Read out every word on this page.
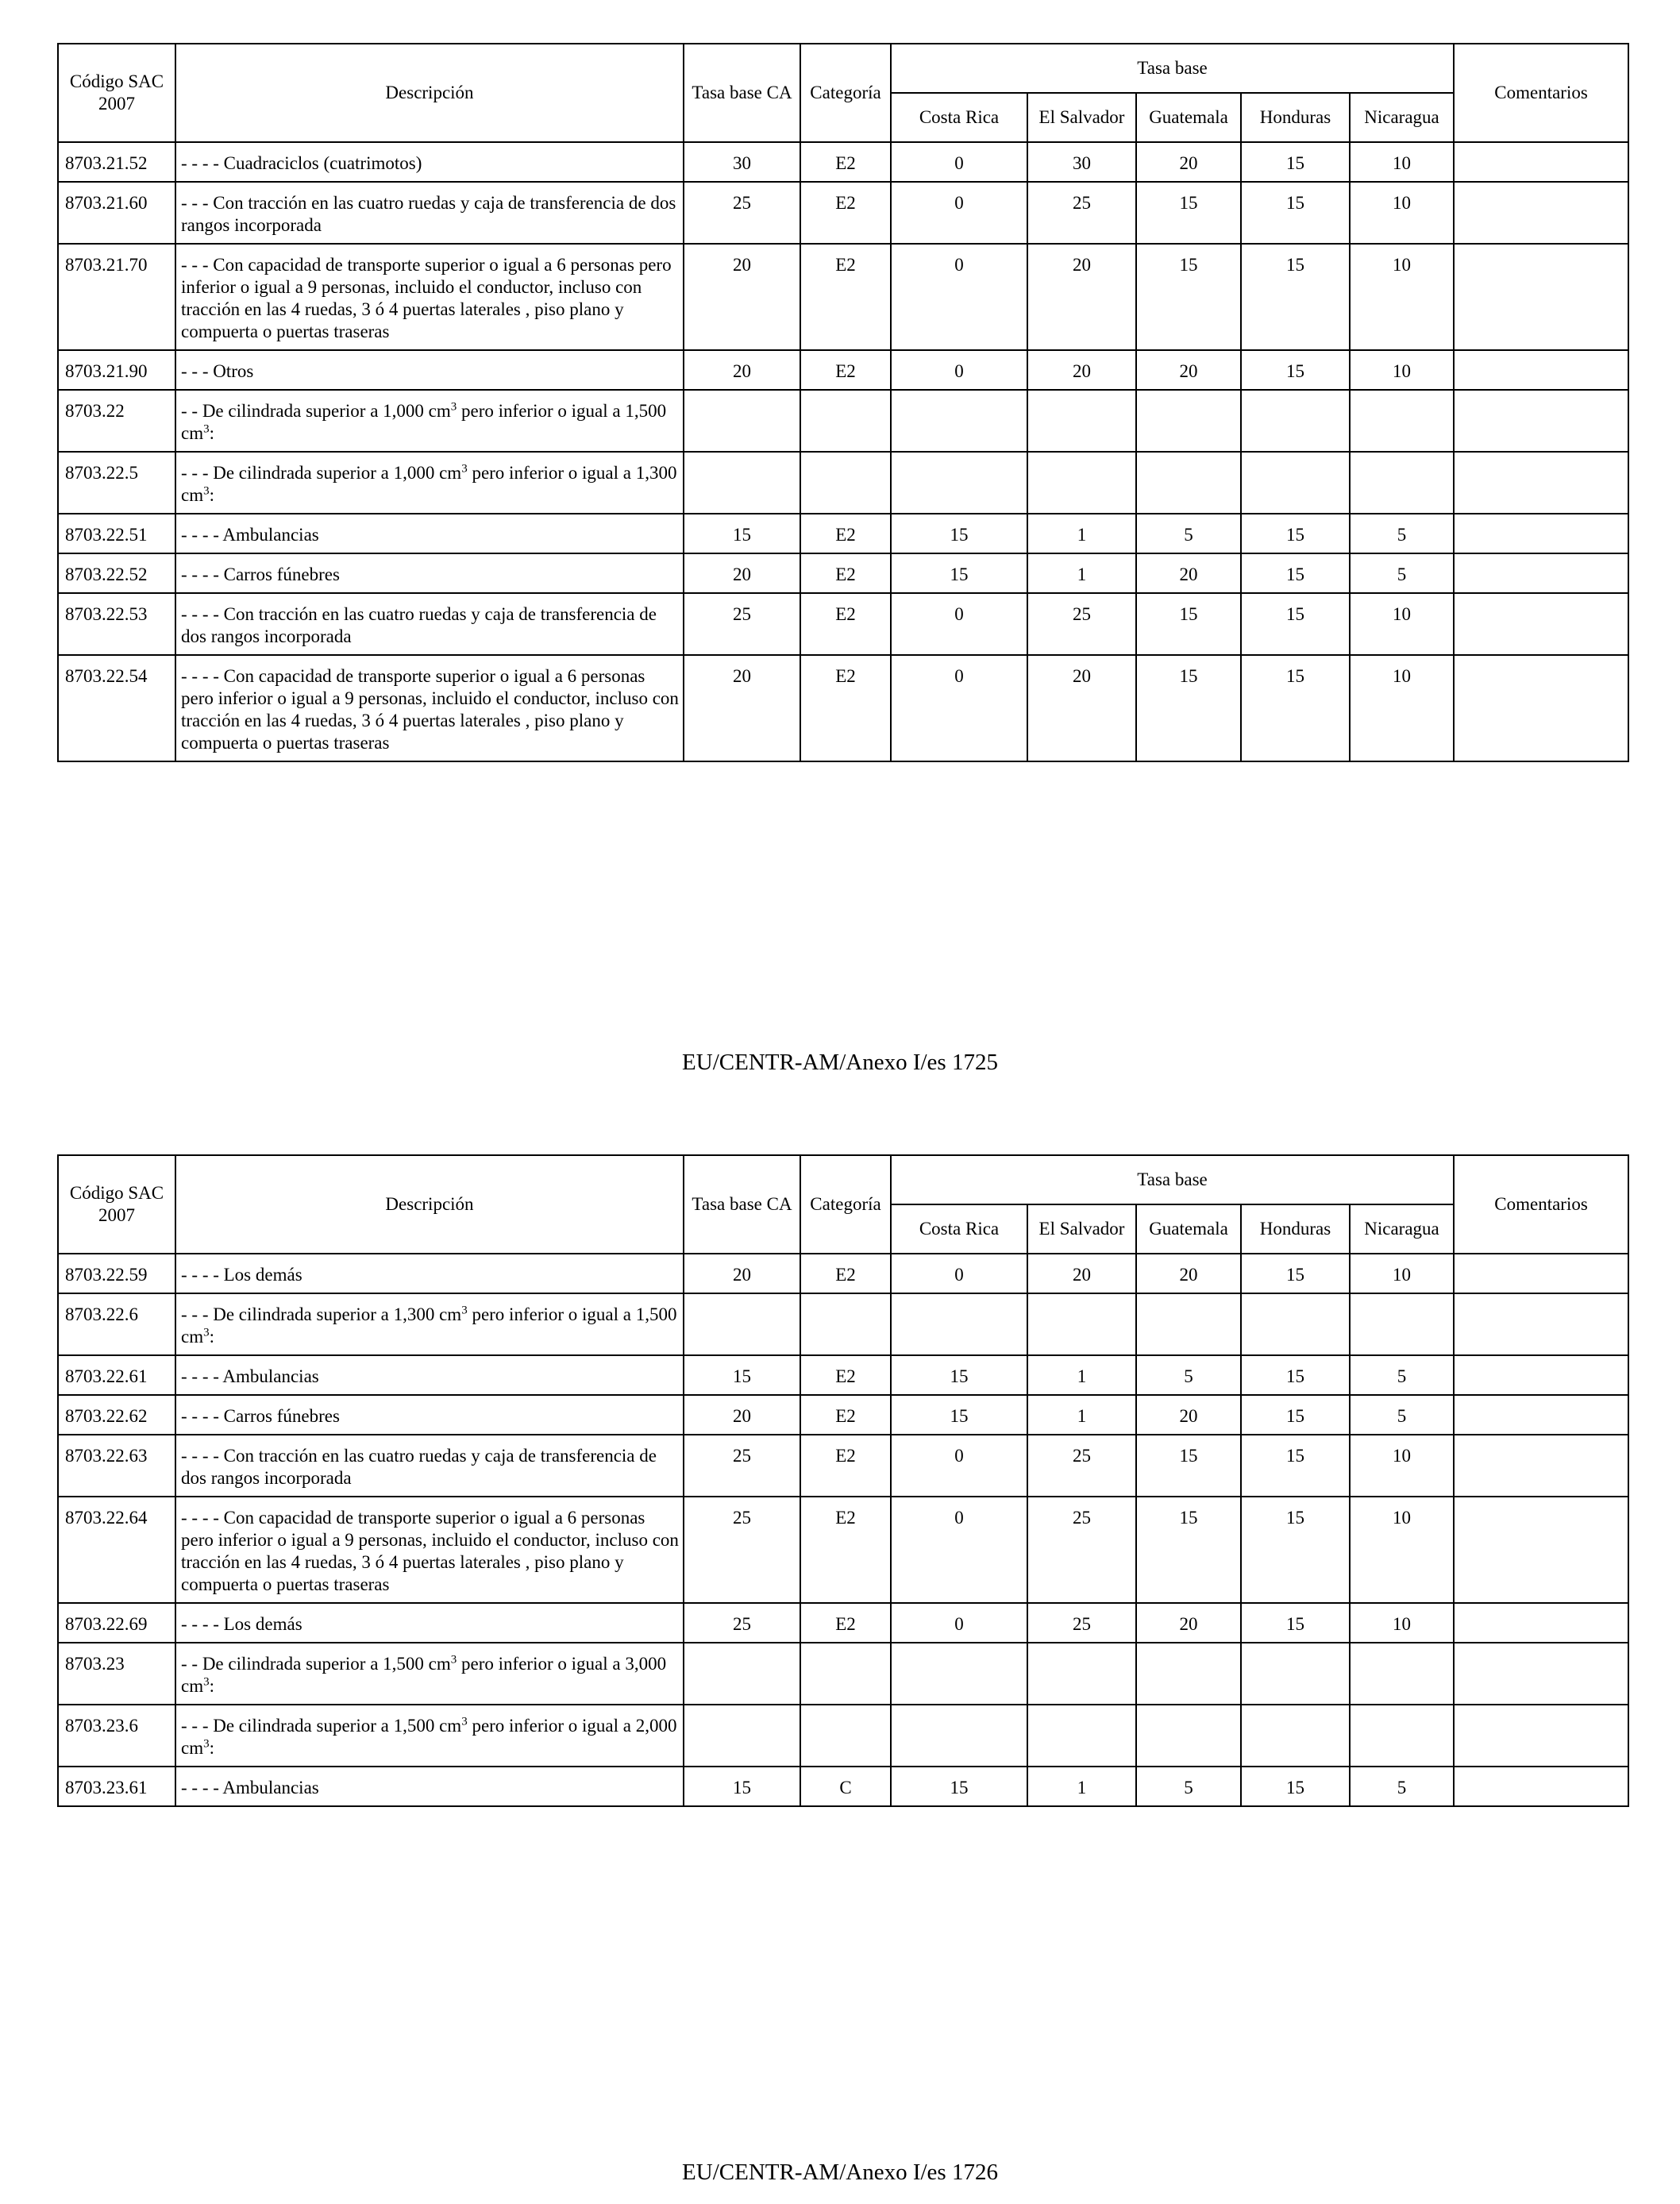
Código SAC 2007	Descripción	Tasa base CA	Categoría	Tasa base					Comentarios
				Costa Rica	El Salvador	Guatemala	Honduras	Nicaragua	
8703.21.52	- - - - Cuadraciclos (cuatrimotos)	30	E2	0	30	20	15	10	
8703.21.60	- - - Con tracción en las cuatro ruedas y caja de transferencia de dos rangos incorporada	25	E2	0	25	15	15	10	
8703.21.70	- - - Con capacidad de transporte superior o igual a 6 personas pero inferior o igual a 9 personas, incluido el conductor, incluso con tracción en las 4 ruedas, 3 ó 4 puertas laterales , piso plano y compuerta o puertas traseras	20	E2	0	20	15	15	10	
8703.21.90	- - - Otros	20	E2	0	20	20	15	10	
8703.22	- - De cilindrada superior a 1,000 $cm^3$ pero inferior o igual a 1,500 $cm^3$:								
8703.22.5	- - - De cilindrada superior a 1,000 $cm^3$ pero inferior o igual a 1,300 $cm^3$:								
8703.22.51	- - - - Ambulancias	15	E2	15	1	5	15	5	
8703.22.52	- - - - Carros fúnebres	20	E2	15	1	20	15	5	
8703.22.53	- - - - Con tracción en las cuatro ruedas y caja de transferencia de dos rangos incorporada	25	E2	0	25	15	15	10	
8703.22.54	- - - - Con capacidad de transporte superior o igual a 6 personas pero inferior o igual a 9 personas, incluido el conductor, incluso con tracción en las 4 ruedas, 3 ó 4 puertas laterales , piso plano y compuerta o puertas traseras	20	E2	0	20	15	15	10	
EU/CENTR-AM/Anexo I/es 1725
Código SAC 2007	Descripción	Tasa base CA	Categoría	Tasa base					Comentarios
				Costa Rica	El Salvador	Guatemala	Honduras	Nicaragua	
8703.22.59	- - - - Los demás	20	E2	0	20	20	15	10	
8703.22.6	- - - De cilindrada superior a 1,300 $cm^3$ pero inferior o igual a 1,500 $cm^3$:								
8703.22.61	- - - - Ambulancias	15	E2	15	1	5	15	5	
8703.22.62	- - - - Carros fúnebres	20	E2	15	1	20	15	5	
8703.22.63	- - - - Con tracción en las cuatro ruedas y caja de transferencia de dos rangos incorporada	25	E2	0	25	15	15	10	
8703.22.64	- - - - Con capacidad de transporte superior o igual a 6 personas pero inferior o igual a 9 personas, incluido el conductor, incluso con tracción en las 4 ruedas, 3 ó 4 puertas laterales , piso plano y compuerta o puertas traseras	25	E2	0	25	15	15	10	
8703.22.69	- - - - Los demás	25	E2	0	25	20	15	10	
8703.23	- - De cilindrada superior a 1,500 $cm^3$ pero inferior o igual a 3,000 $cm^3$:								
8703.23.6	- - - De cilindrada superior a 1,500 $cm^3$ pero inferior o igual a 2,000 $cm^3$:								
8703.23.61	- - - - Ambulancias	15	C	15	1	5	15	5	
EU/CENTR-AM/Anexo I/es 1726
